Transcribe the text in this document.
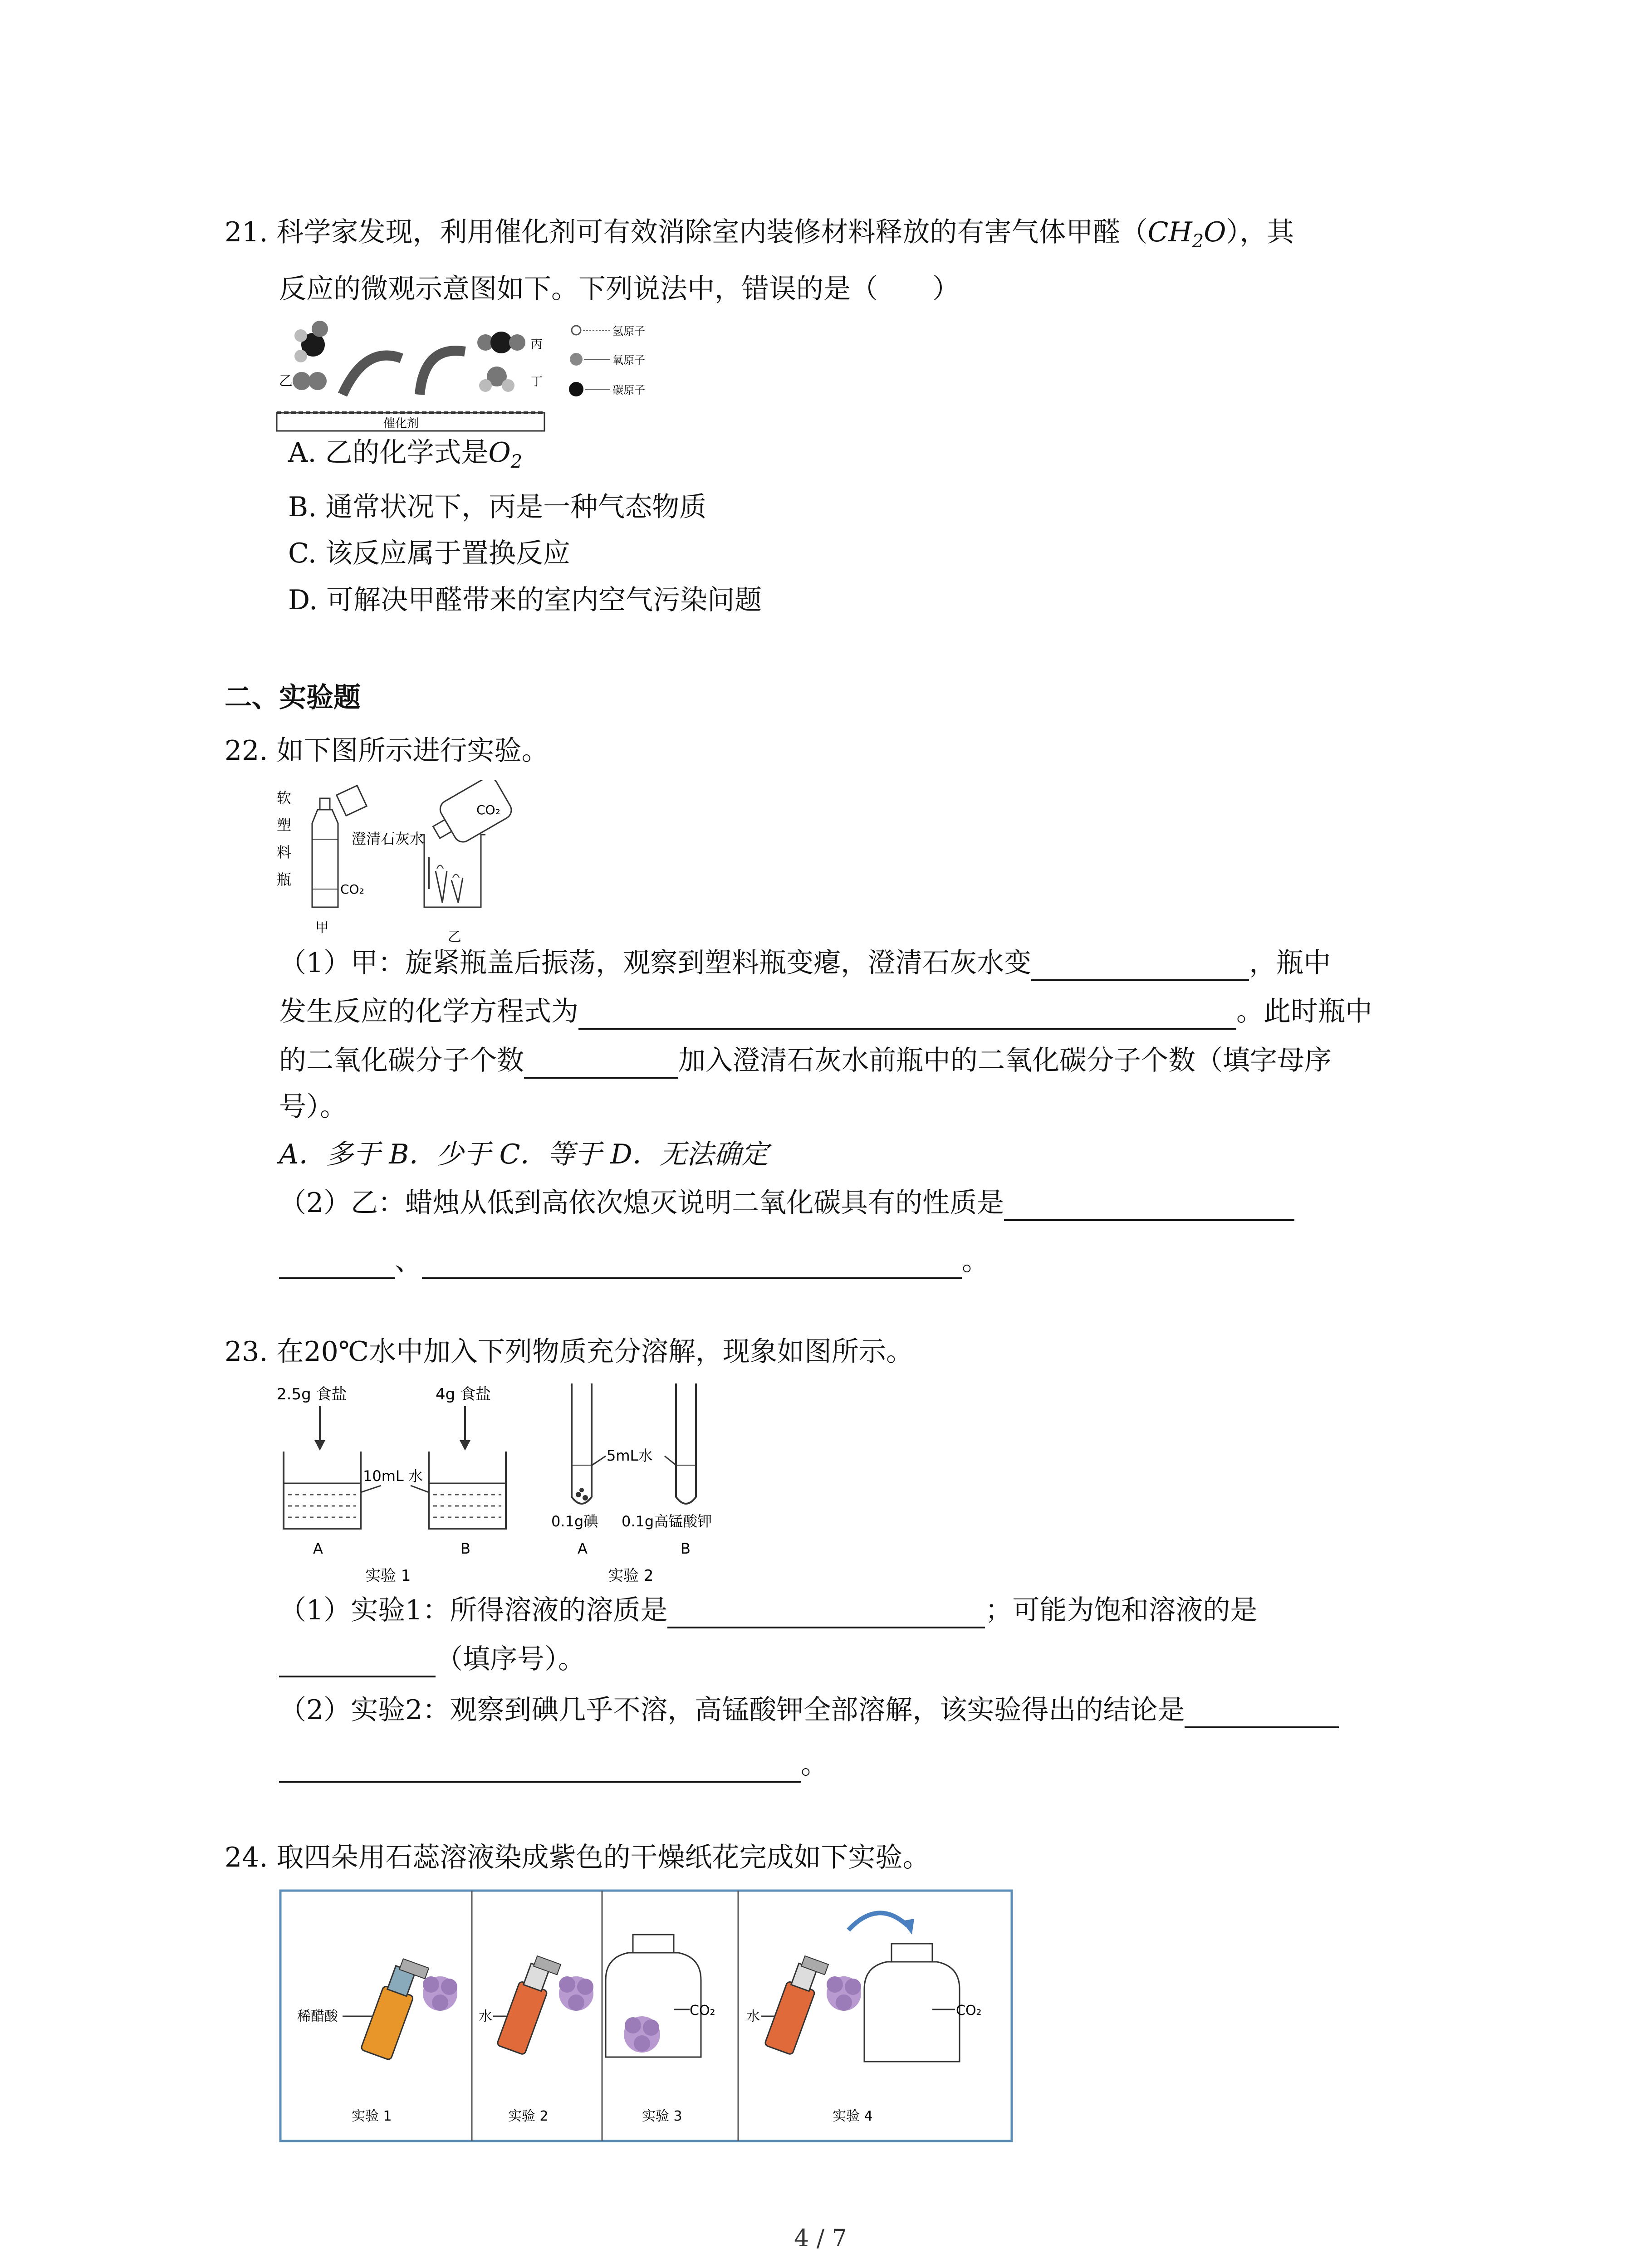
21. 科学家发现，利用催化剂可有效消除室内装修材料释放的有害气体甲醛$(CH_2O)$，其
反应的微观示意图如下。下列说法中，错误的是（　　）
乙
丙
丁
催化剂
氢原子
氧原子
碳原子
A. 乙的化学式是$O_2$
B. 通常状况下，丙是一种气态物质
C. 该反应属于置换反应
D. 可解决甲醛带来的室内空气污染问题
二、实验题
22. 如下图所示进行实验。
软
塑
料
瓶
澄清石灰水
CO₂
甲
CO₂
乙
（1）甲：旋紧瓶盖后振荡，观察到塑料瓶变瘪，澄清石灰水变	，瓶中
发生反应的化学方程式为	。此时瓶中
的二氧化碳分子个数	加入澄清石灰水前瓶中的二氧化碳分子个数（填字母序
号）。
A．多于 B．少于 C．等于 D．无法确定
（2）乙：蜡烛从低到高依次熄灭说明二氧化碳具有的性质是
、	。
23. 在20℃水中加入下列物质充分溶解，现象如图所示。
2.5g 食盐
A
4g 食盐
B
10mL 水
实验 1
5mL水
0.1g碘 0.1g高锰酸钾
A	B
实验 2
（1）实验1：所得溶液的溶质是	；可能为饱和溶液的是
（填序号）。
（2）实验2：观察到碘几乎不溶，高锰酸钾全部溶解，该实验得出的结论是
。
24. 取四朵用石蕊溶液染成紫色的干燥纸花完成如下实验。
稀醋酸
实验 1
水
实验 2
CO₂
实验 3
水	CO₂
实验 4
4 / 7
